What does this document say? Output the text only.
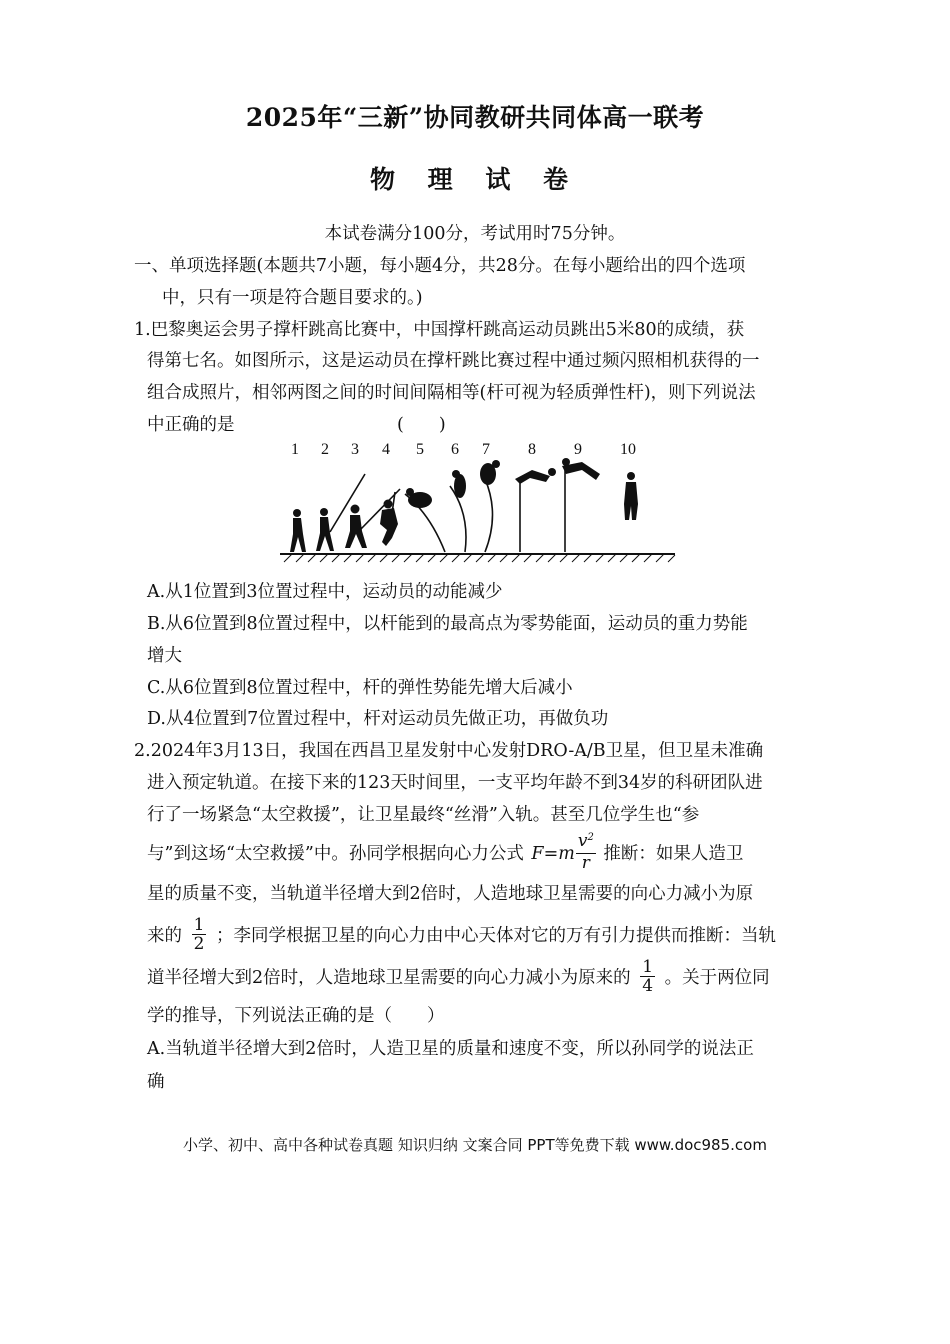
2025年“三新”协同教研共同体高一联考
物 理 试 卷
本试卷满分100分，考试用时75分钟。
一、单项选择题(本题共7小题，每小题4分，共28分。在每小题给出的四个选项
中，只有一项是符合题目要求的。)
1.巴黎奥运会男子撑杆跳高比赛中，中国撑杆跳高运动员跳出5米80的成绩，获
得第七名。如图所示，这是运动员在撑杆跳比赛过程中通过频闪照相机获得的一
组合成照片，相邻两图之间的时间间隔相等(杆可视为轻质弹性杆)，则下列说法
中正确的是	(　　)
1 2 3 4 5 6 7 8 9 10
A.从1位置到3位置过程中，运动员的动能减少
B.从6位置到8位置过程中，以杆能到的最高点为零势能面，运动员的重力势能
增大
C.从6位置到8位置过程中，杆的弹性势能先增大后减小
D.从4位置到7位置过程中，杆对运动员先做正功，再做负功
2.2024年3月13日，我国在西昌卫星发射中心发射DRO-A/B卫星，但卫星未准确
进入预定轨道。在接下来的123天时间里，一支平均年龄不到34岁的科研团队进
行了一场紧急“太空救援”，让卫星最终“丝滑”入轨。甚至几位学生也“参
与”到这场“太空救援”中。孙同学根据向心力公式 $F =m \frac{v^2}{r}$ 推断：如果人造卫
星的质量不变，当轨道半径增大到2倍时，人造地球卫星需要的向心力减小为原
来的 $\frac{1}{2}$ ；李同学根据卫星的向心力由中心天体对它的万有引力提供而推断：当轨
道半径增大到2倍时，人造地球卫星需要的向心力减小为原来的 $\frac{1}{4}$ 。关于两位同
学的推导，下列说法正确的是（　　）
A.当轨道半径增大到2倍时，人造卫星的质量和速度不变，所以孙同学的说法正
确
小学、初中、高中各种试卷真题 知识归纳 文案合同 PPT等免费下载 www.doc985.com
